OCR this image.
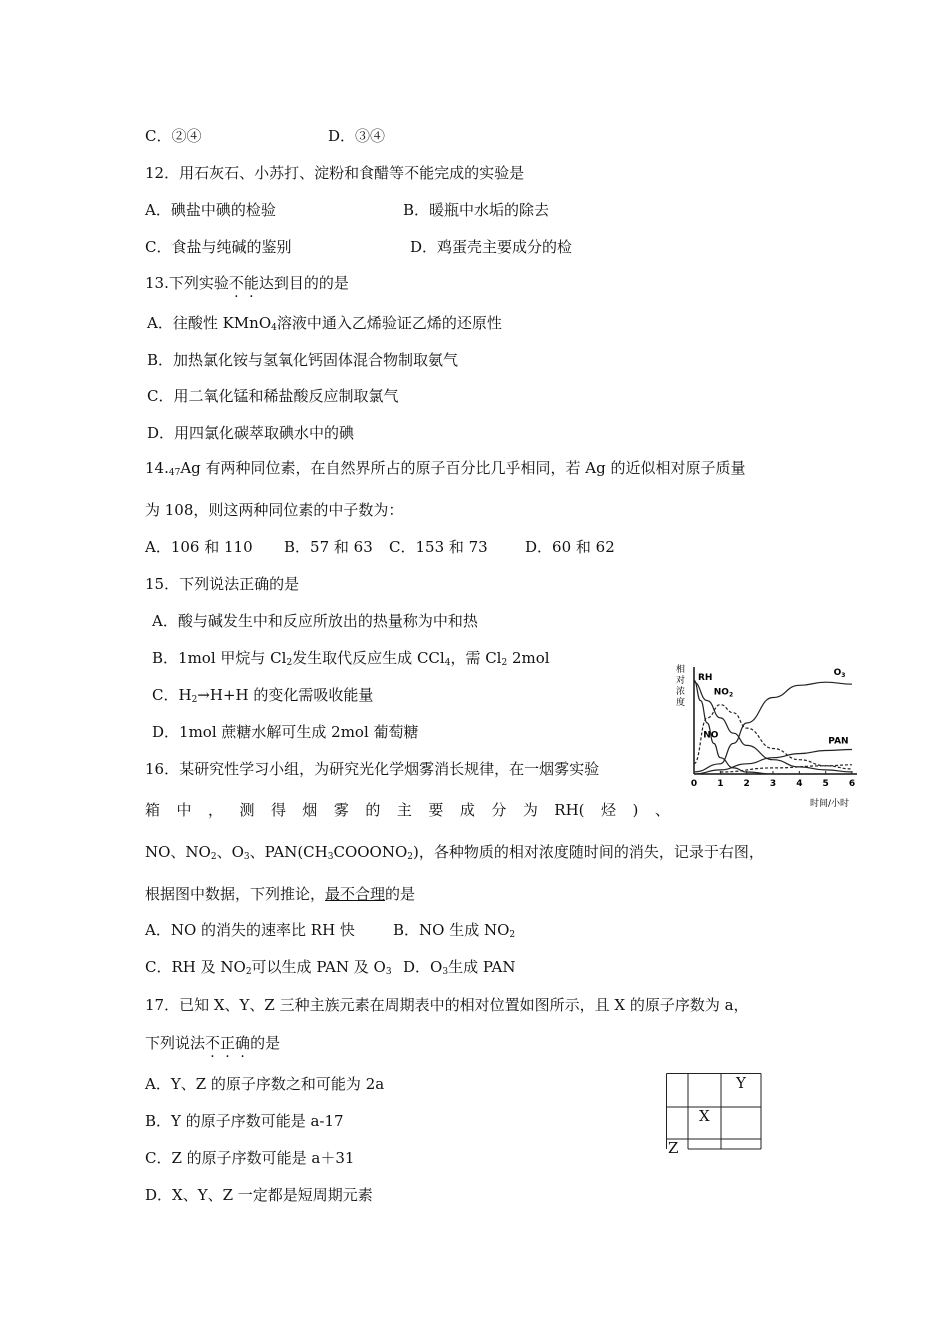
C．②④	D．③④
12．用石灰石、小苏打、淀粉和食醋等不能完成的实验是
A．碘盐中碘的检验	B．暖瓶中水垢的除去
C．食盐与纯碱的鉴别	D．鸡蛋壳主要成分的检
13.下列实验不能达到目的的是
A．往酸性 KMnO$_4$溶液中通入乙烯验证乙烯的还原性
B．加热氯化铵与氢氧化钙固体混合物制取氨气
C．用二氧化锰和稀盐酸反应制取氯气
D．用四氯化碳萃取碘水中的碘
14.47Ag 有两种同位素，在自然界所占的原子百分比几乎相同，若 Ag 的近似相对原子质量
为 108，则这两种同位素的中子数为：
A．106 和 110 B．57 和 63 C．153 和 73 D．60 和 62
15．下列说法正确的是
A．酸与碱发生中和反应所放出的热量称为中和热
B．1mol 甲烷与 $Cl_2$发生取代反应生成 CCl$_4$，需 $Cl_2$ 2mol
C．$H_2\to H+H$ 的变化需吸收能量
D．1mol 蔗糖水解可生成 2mol 葡萄糖
16．某研究性学习小组，为研究光化学烟雾消长规律，在一烟雾实验
箱 中 ， 测 得 烟 雾 的 主 要 成 分 为 RH( 烃 ) 、
NO、$NO_2$、$O_3$、$PAN(CH_3COOONO_2)$，各种物质的相对浓度随时间的消失，记录于右图，
根据图中数据，下列推论，最不合理的是
A．NO 的消失的速率比 RH 快	B．NO 生成 $NO_2$
C．RH 及 $NO_2$可以生成 PAN 及 $O_3$ D．$O_3$生成 PAN
相对浓度
时间/小时
0 1 2 3 4 5 6
RH
$NO_2$
NO
$O_3$
PAN
17．已知 X、Y、Z 三种主族元素在周期表中的相对位置如图所示，且 X 的原子序数为 a，
下列说法不正确的是
A．Y、Z 的原子序数之和可能为 2a
B．Y 的原子序数可能是 a-17
C．Z 的原子序数可能是 a＋31
D．X、Y、Z 一定都是短周期元素
Y
X
Z
